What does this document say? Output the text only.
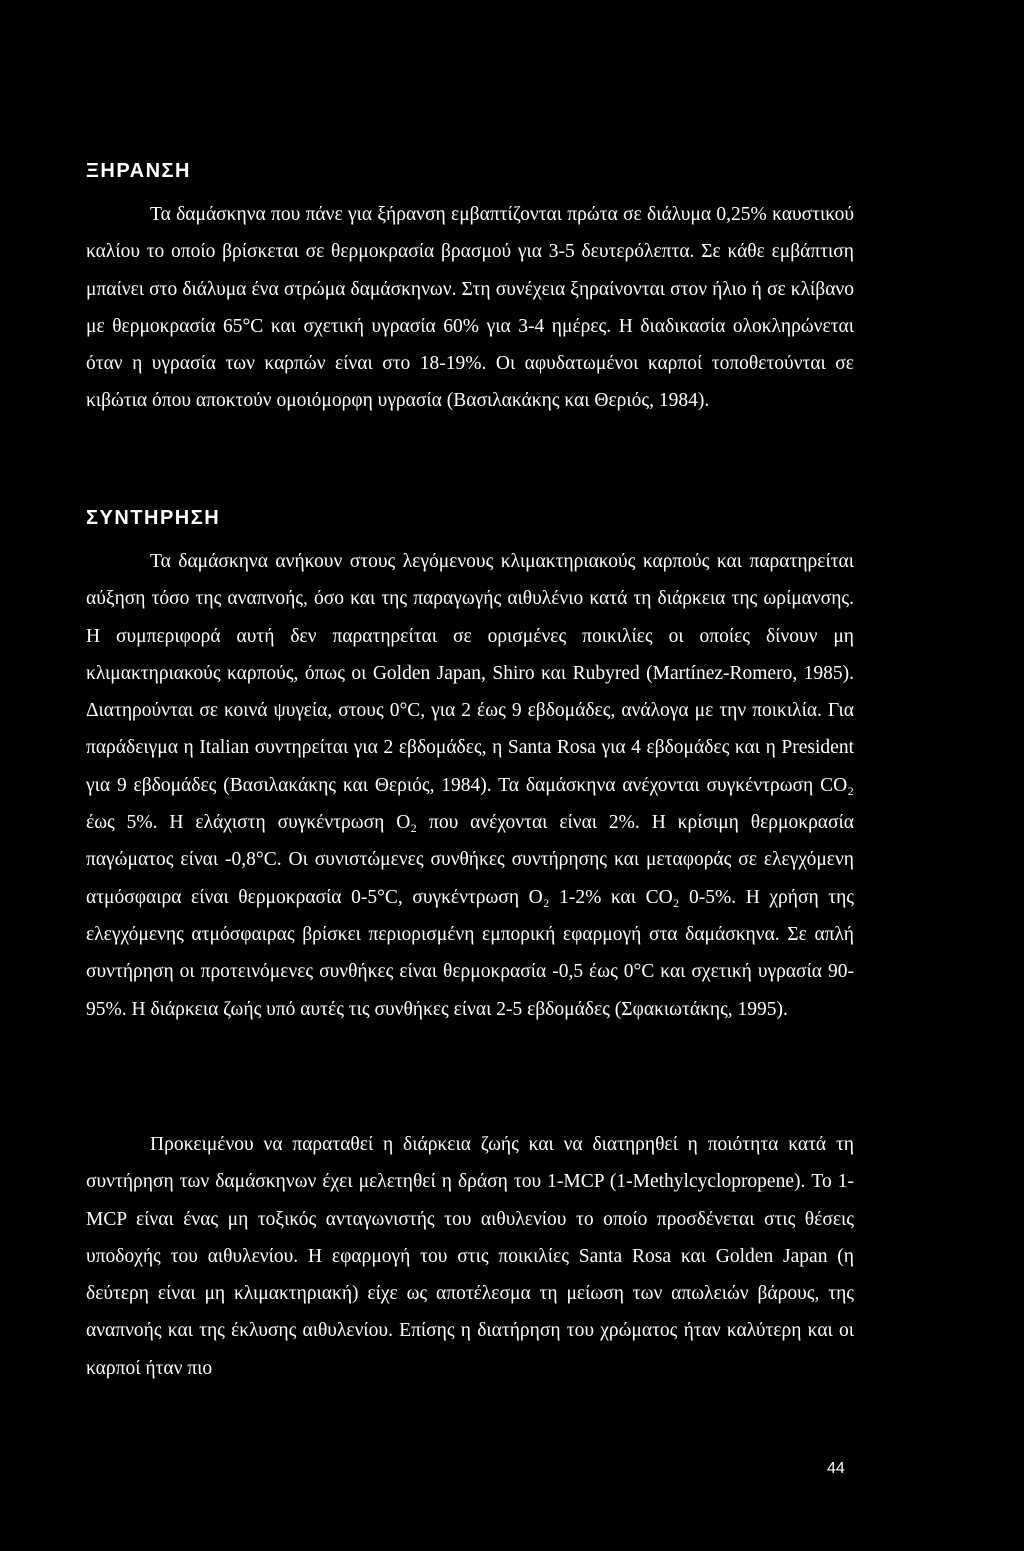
ΞΗΡΑΝΣΗ

Τα δαμάσκηνα που πάνε για ξήρανση εμβαπτίζονται πρώτα σε διάλυμα 0,25% καυστικού καλίου το οποίο βρίσκεται σε θερμοκρασία βρασμού για 3-5 δευτερόλεπτα. Σε κάθε εμβάπτιση μπαίνει στο διάλυμα ένα στρώμα δαμάσκηνων. Στη συνέχεια ξηραίνονται στον ήλιο ή σε κλίβανο με θερμοκρασία 65°C και σχετική υγρασία 60% για 3-4 ημέρες. Η διαδικασία ολοκληρώνεται όταν η υγρασία των καρπών είναι στο 18-19%. Οι αφυδατωμένοι καρποί τοποθετούνται σε κιβώτια όπου αποκτούν ομοιόμορφη υγρασία (Βασιλακάκης και Θεριός, 1984).

ΣΥΝΤΗΡΗΣΗ

Τα δαμάσκηνα ανήκουν στους λεγόμενους κλιμακτηριακούς καρπούς και παρατηρείται αύξηση τόσο της αναπνοής, όσο και της παραγωγής αιθυλένιο κατά τη διάρκεια της ωρίμανσης. Η συμπεριφορά αυτή δεν παρατηρείται σε ορισμένες ποικιλίες οι οποίες δίνουν μη κλιμακτηριακούς καρπούς, όπως οι Golden Japan, Shiro και Rubyred (Martínez-Romero, 1985). Διατηρούνται σε κοινά ψυγεία, στους 0°C, για 2 έως 9 εβδομάδες, ανάλογα με την ποικιλία. Για παράδειγμα η Italian συντηρείται για 2 εβδομάδες, η Santa Rosa για 4 εβδομάδες και η President για 9 εβδομάδες (Βασιλακάκης και Θεριός, 1984). Τα δαμάσκηνα ανέχονται συγκέντρωση CO₂ έως 5%. Η ελάχιστη συγκέντρωση O₂ που ανέχονται είναι 2%. Η κρίσιμη θερμοκρασία παγώματος είναι -0,8°C. Οι συνιστώμενες συνθήκες συντήρησης και μεταφοράς σε ελεγχόμενη ατμόσφαιρα είναι θερμοκρασία 0-5°C, συγκέντρωση O₂ 1-2% και CO₂ 0-5%. Η χρήση της ελεγχόμενης ατμόσφαιρας βρίσκει περιορισμένη εμπορική εφαρμογή στα δαμάσκηνα. Σε απλή συντήρηση οι προτεινόμενες συνθήκες είναι θερμοκρασία -0,5 έως 0°C και σχετική υγρασία 90-95%. Η διάρκεια ζωής υπό αυτές τις συνθήκες είναι 2-5 εβδομάδες (Σφακιωτάκης, 1995).

Προκειμένου να παραταθεί η διάρκεια ζωής και να διατηρηθεί η ποιότητα κατά τη συντήρηση των δαμάσκηνων έχει μελετηθεί η δράση του 1-MCP (1-Methylcyclopropene). Το 1-MCP είναι ένας μη τοξικός ανταγωνιστής του αιθυλενίου το οποίο προσδένεται στις θέσεις υποδοχής του αιθυλενίου. Η εφαρμογή του στις ποικιλίες Santa Rosa και Golden Japan (η δεύτερη είναι μη κλιμακτηριακή) είχε ως αποτέλεσμα τη μείωση των απωλειών βάρους, της αναπνοής και της έκλυσης αιθυλενίου. Επίσης η διατήρηση του χρώματος ήταν καλύτερη και οι καρποί ήταν πιο

44
